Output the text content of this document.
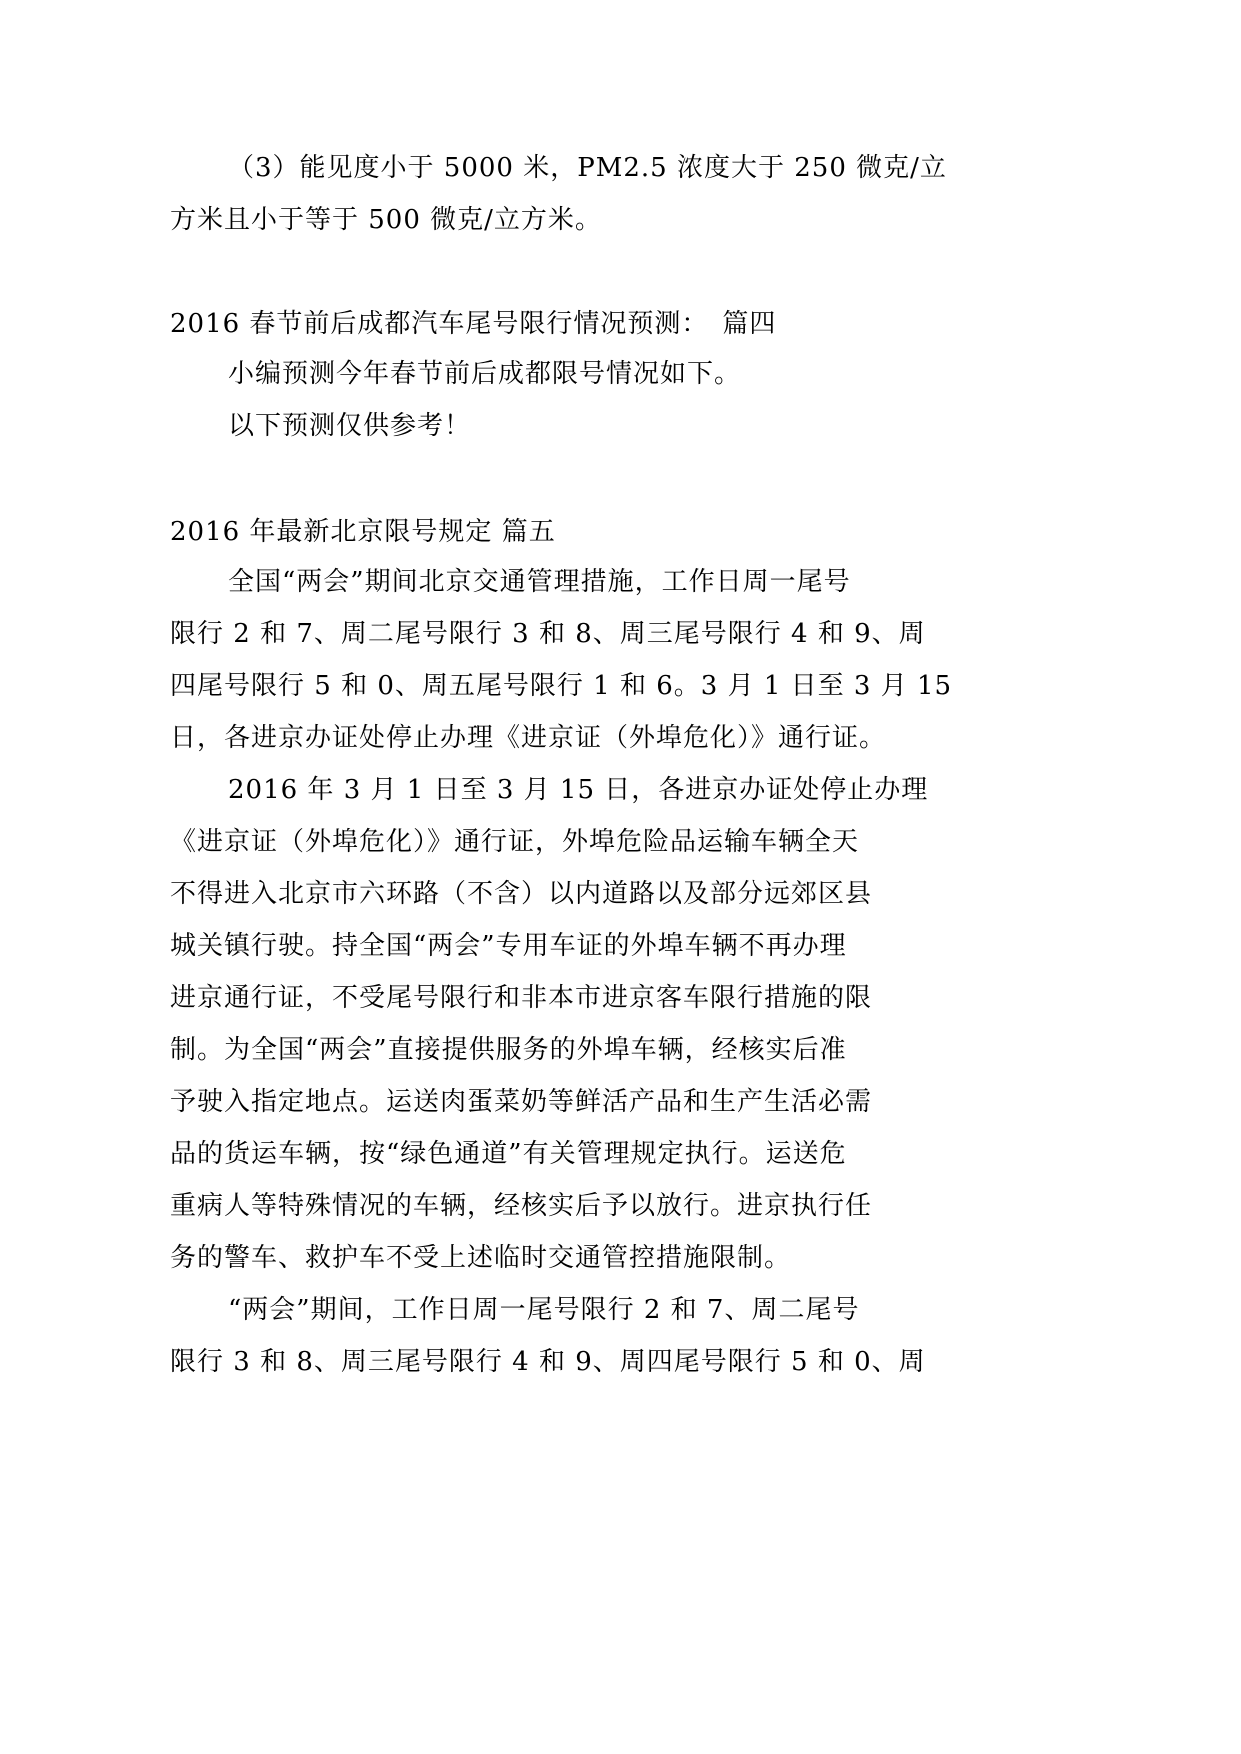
（3）能见度小于 5000 米，PM2.5 浓度大于 250 微克/立
方米且小于等于 500 微克/立方米。
2016 春节前后成都汽车尾号限行情况预测：　篇四
小编预测今年春节前后成都限号情况如下。
以下预测仅供参考！
2016 年最新北京限号规定 篇五
全国“两会”期间北京交通管理措施，工作日周一尾号
限行 2 和 7、周二尾号限行 3 和 8、周三尾号限行 4 和 9、周
四尾号限行 5 和 0、周五尾号限行 1 和 6。3 月 1 日至 3 月 15
日，各进京办证处停止办理《进京证（外埠危化）》通行证。
2016 年 3 月 1 日至 3 月 15 日，各进京办证处停止办理
《进京证（外埠危化）》通行证，外埠危险品运输车辆全天
不得进入北京市六环路（不含）以内道路以及部分远郊区县
城关镇行驶。持全国“两会”专用车证的外埠车辆不再办理
进京通行证，不受尾号限行和非本市进京客车限行措施的限
制。为全国“两会”直接提供服务的外埠车辆，经核实后准
予驶入指定地点。运送肉蛋菜奶等鲜活产品和生产生活必需
品的货运车辆，按“绿色通道”有关管理规定执行。运送危
重病人等特殊情况的车辆，经核实后予以放行。进京执行任
务的警车、救护车不受上述临时交通管控措施限制。
“两会”期间，工作日周一尾号限行 2 和 7、周二尾号
限行 3 和 8、周三尾号限行 4 和 9、周四尾号限行 5 和 0、周
